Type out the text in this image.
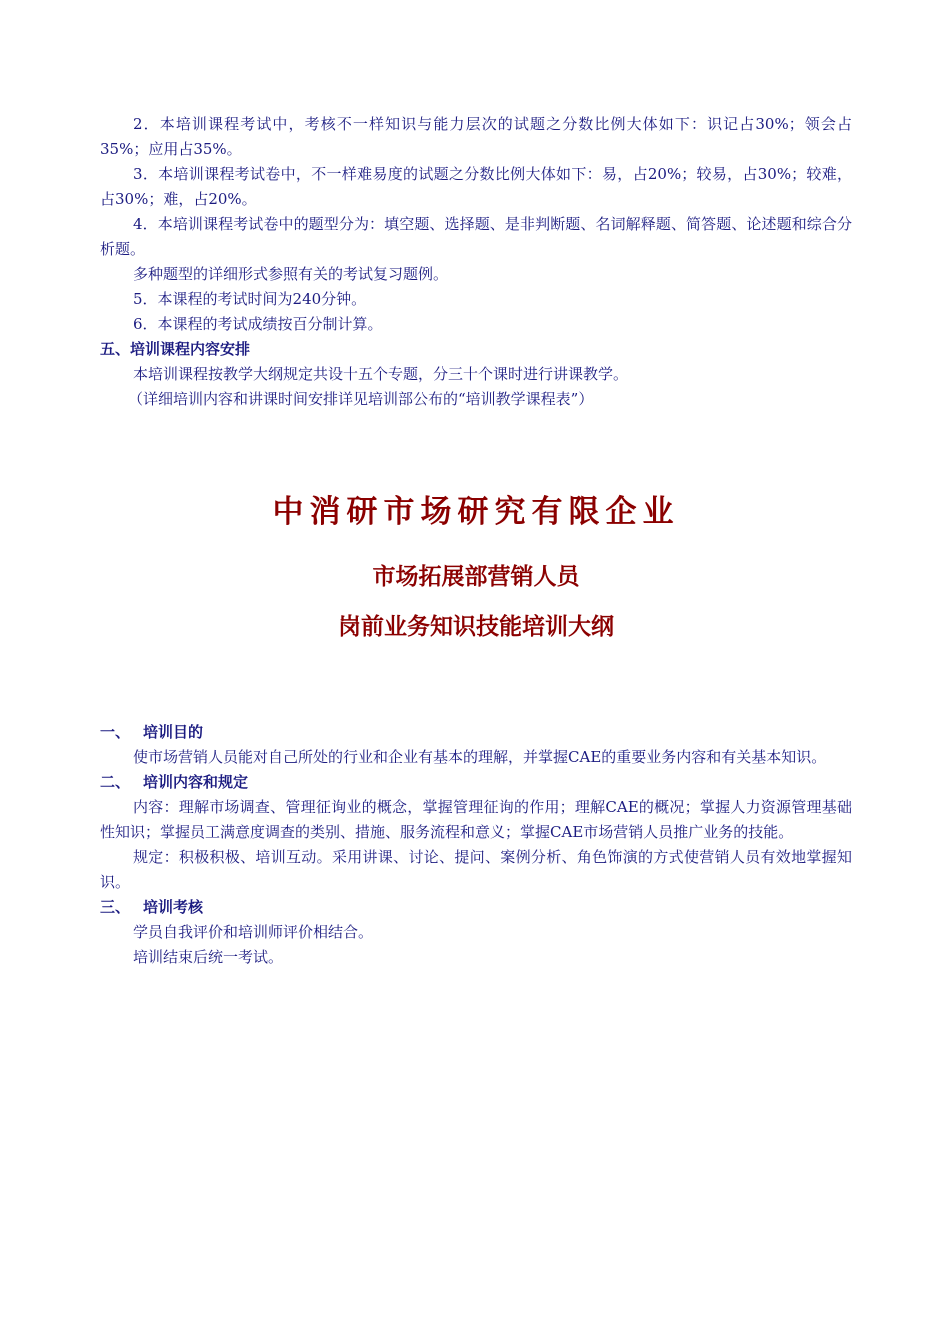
2．本培训课程考试中，考核不一样知识与能力层次的试题之分数比例大体如下：识记占30%；领会占35%；应用占35%。

3．本培训课程考试卷中，不一样难易度的试题之分数比例大体如下：易，占20%；较易，占30%；较难，占30%；难，占20%。

4．本培训课程考试卷中的题型分为：填空题、选择题、是非判断题、名词解释题、简答题、论述题和综合分析题。

多种题型的详细形式参照有关的考试复习题例。

5．本课程的考试时间为240分钟。

6．本课程的考试成绩按百分制计算。

五、培训课程内容安排

本培训课程按教学大纲规定共设十五个专题，分三十个课时进行讲课教学。

（详细培训内容和讲课时间安排详见培训部公布的“培训教学课程表”）

中消研市场研究有限企业
市场拓展部营销人员
岗前业务知识技能培训大纲

一、 培训目的

使市场营销人员能对自己所处的行业和企业有基本的理解，并掌握CAE的重要业务内容和有关基本知识。

二、 培训内容和规定

内容：理解市场调查、管理征询业的概念，掌握管理征询的作用；理解CAE的概况；掌握人力资源管理基础性知识；掌握员工满意度调查的类别、措施、服务流程和意义；掌握CAE市场营销人员推广业务的技能。

规定：积极积极、培训互动。采用讲课、讨论、提问、案例分析、角色饰演的方式使营销人员有效地掌握知识。

三、 培训考核

学员自我评价和培训师评价相结合。

培训结束后统一考试。
